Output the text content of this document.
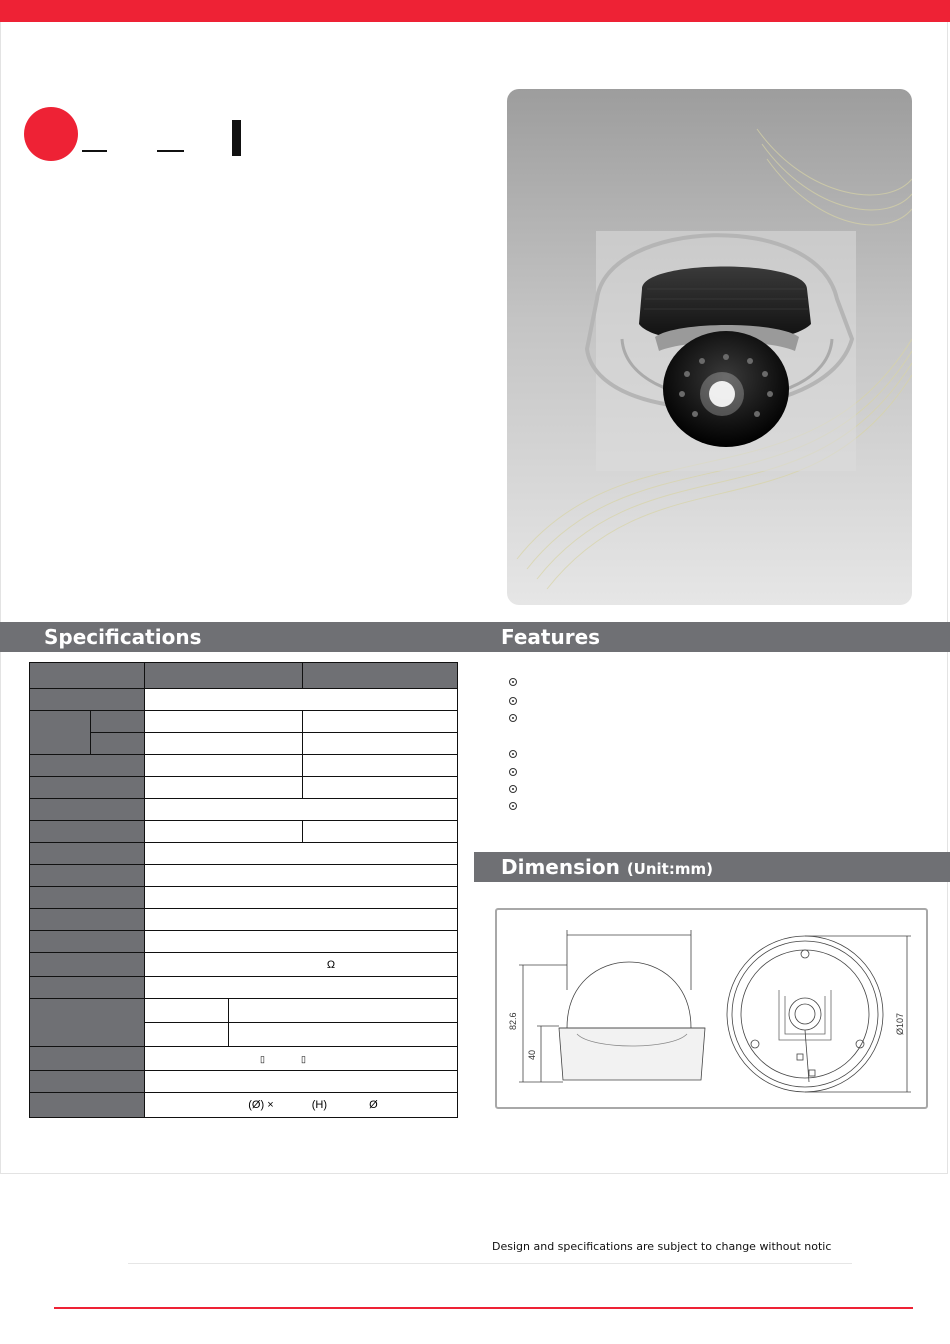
Specifications	Features
Dimension (Unit:mm)

		Ω		

		▯▯		

		(Ø) × (H) Ø		
82.6
40
Ø107
Design and specifications are subject to change without notic
